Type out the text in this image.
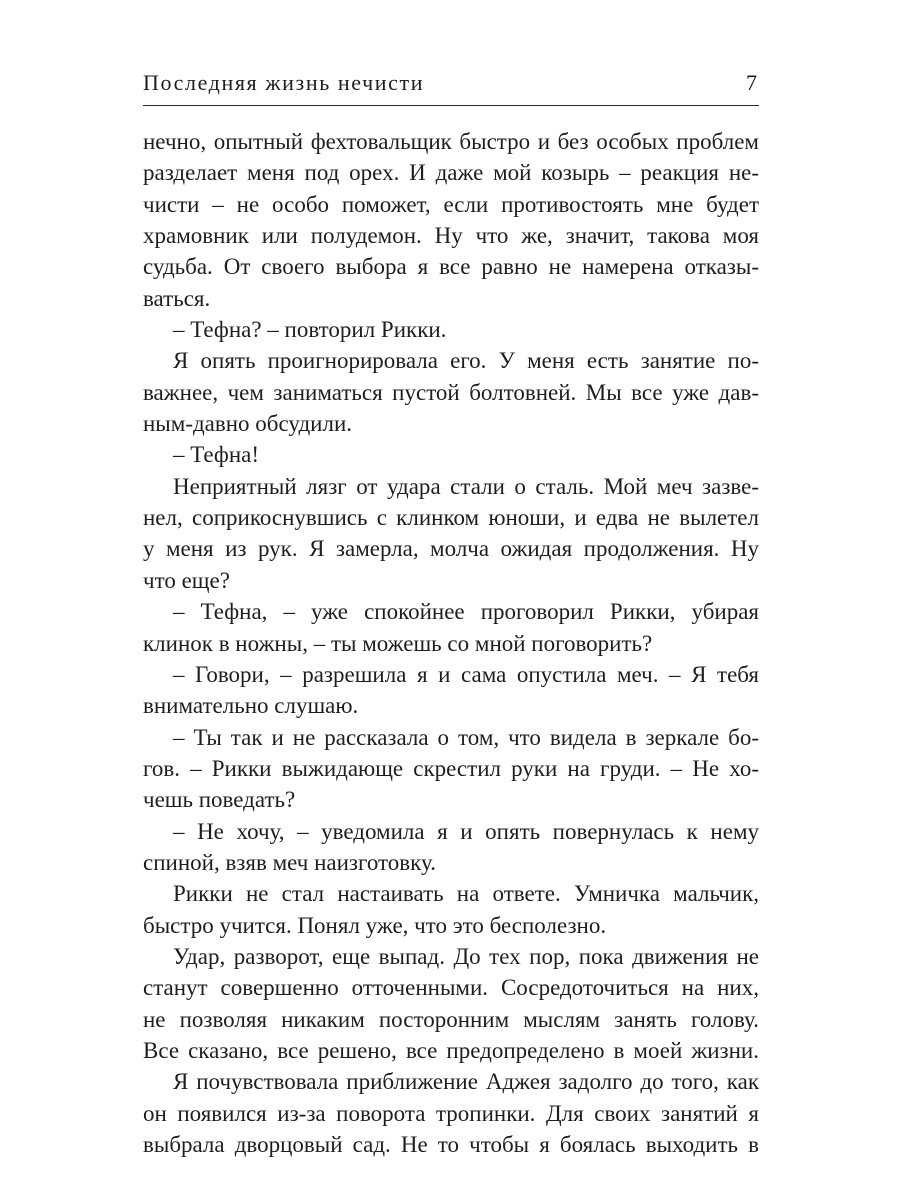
Последняя жизнь нечисти	7
нечно, опытный фехтовальщик быстро и без особых проблем
разделает меня под орех. И даже мой козырь – реакция не-
чисти – не особо поможет, если противостоять мне будет
храмовник или полудемон. Ну что же, значит, такова моя
судьба. От своего выбора я все равно не намерена отказы-
ваться.
– Тефна? – повторил Рикки.
Я опять проигнорировала его. У меня есть занятие по-
важнее, чем заниматься пустой болтовней. Мы все уже дав-
ным-давно обсудили.
– Тефна!
Неприятный лязг от удара стали о сталь. Мой меч зазве-
нел, соприкоснувшись с клинком юноши, и едва не вылетел
у меня из рук. Я замерла, молча ожидая продолжения. Ну
что еще?
– Тефна, – уже спокойнее проговорил Рикки, убирая
клинок в ножны, – ты можешь со мной поговорить?
– Говори, – разрешила я и сама опустила меч. – Я тебя
внимательно слушаю.
– Ты так и не рассказала о том, что видела в зеркале бо-
гов. – Рикки выжидающе скрестил руки на груди. – Не хо-
чешь поведать?
– Не хочу, – уведомила я и опять повернулась к нему
спиной, взяв меч наизготовку.
Рикки не стал настаивать на ответе. Умничка мальчик,
быстро учится. Понял уже, что это бесполезно.
Удар, разворот, еще выпад. До тех пор, пока движения не
станут совершенно отточенными. Сосредоточиться на них,
не позволяя никаким посторонним мыслям занять голову.
Все сказано, все решено, все предопределено в моей жизни.
Я почувствовала приближение Аджея задолго до того, как
он появился из-за поворота тропинки. Для своих занятий я
выбрала дворцовый сад. Не то чтобы я боялась выходить в
